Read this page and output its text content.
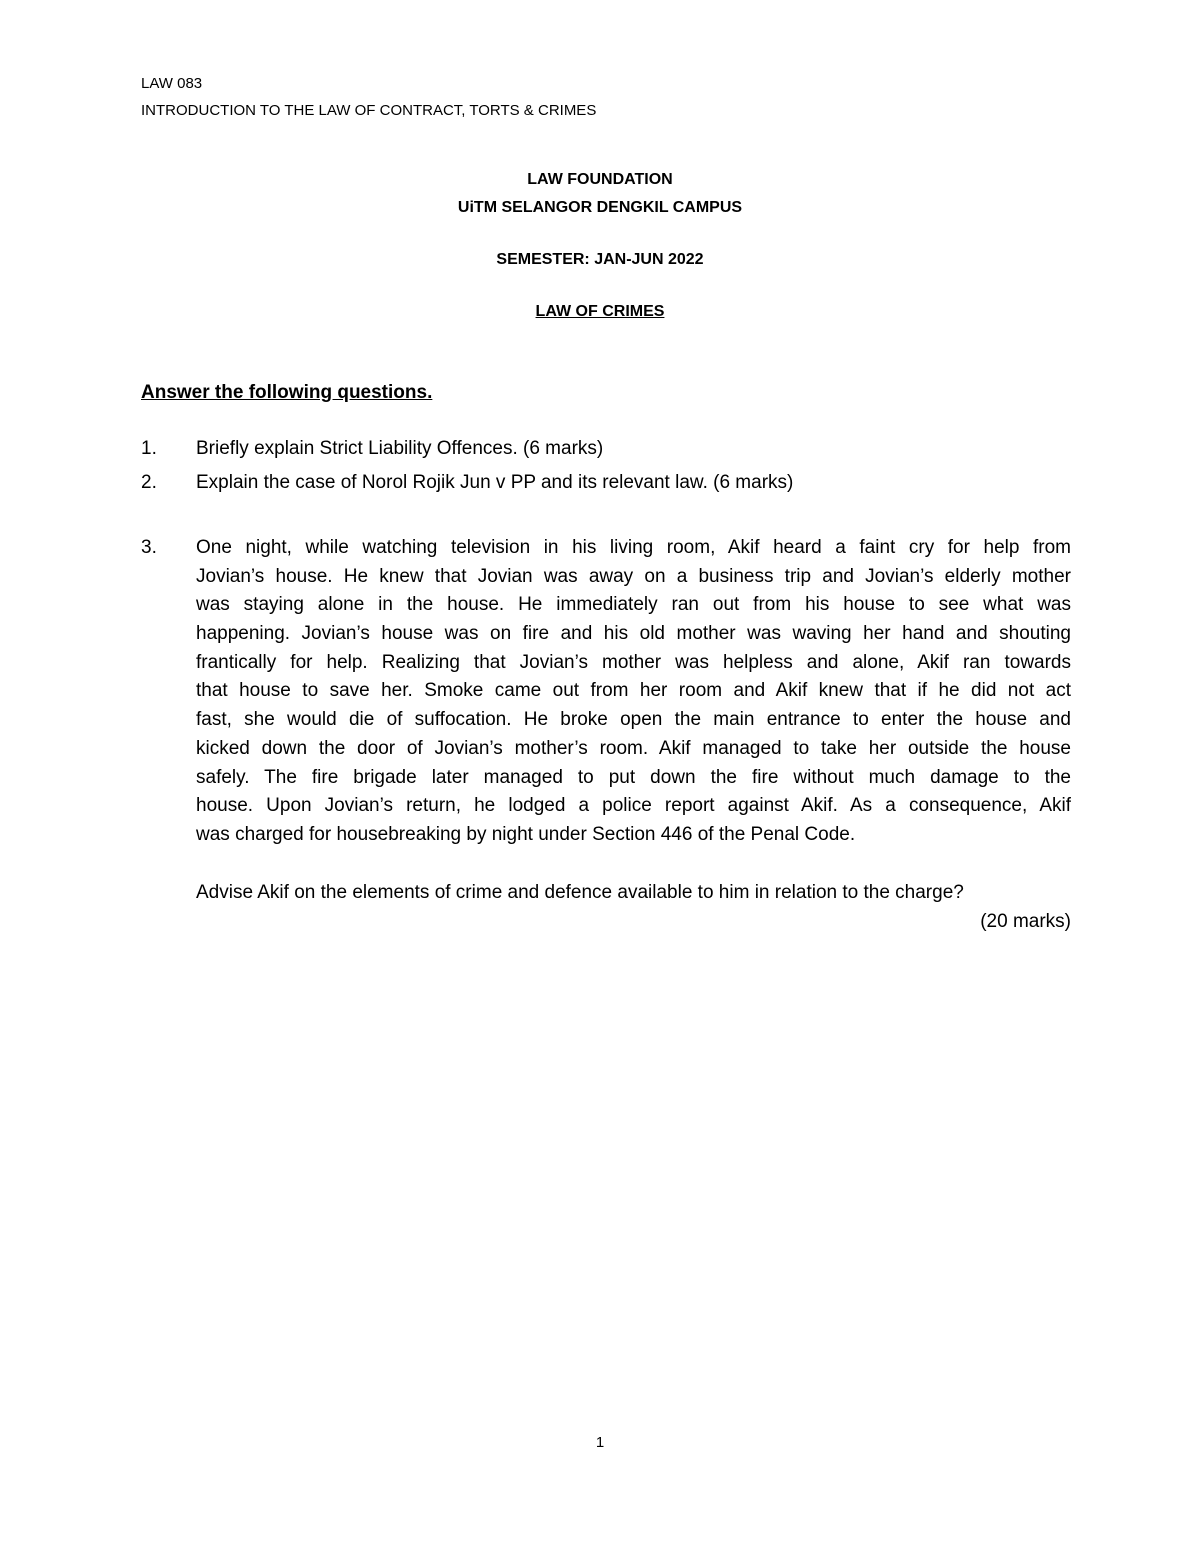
LAW 083
INTRODUCTION TO THE LAW OF CONTRACT, TORTS & CRIMES
LAW FOUNDATION
UiTM SELANGOR DENGKIL CAMPUS
SEMESTER: JAN-JUN 2022
LAW OF CRIMES
Answer the following questions.
1. Briefly explain Strict Liability Offences. (6 marks)
2. Explain the case of Norol Rojik Jun v PP and its relevant law. (6 marks)
3. One night, while watching television in his living room, Akif heard a faint cry for help from
Jovian’s house. He knew that Jovian was away on a business trip and Jovian’s elderly mother
was staying alone in the house. He immediately ran out from his house to see what was
happening. Jovian’s house was on fire and his old mother was waving her hand and shouting
frantically for help. Realizing that Jovian’s mother was helpless and alone, Akif ran towards
that house to save her. Smoke came out from her room and Akif knew that if he did not act
fast, she would die of suffocation. He broke open the main entrance to enter the house and
kicked down the door of Jovian’s mother’s room. Akif managed to take her outside the house
safely. The fire brigade later managed to put down the fire without much damage to the
house. Upon Jovian’s return, he lodged a police report against Akif. As a consequence, Akif
was charged for housebreaking by night under Section 446 of the Penal Code.
Advise Akif on the elements of crime and defence available to him in relation to the charge?
(20 marks)
1
